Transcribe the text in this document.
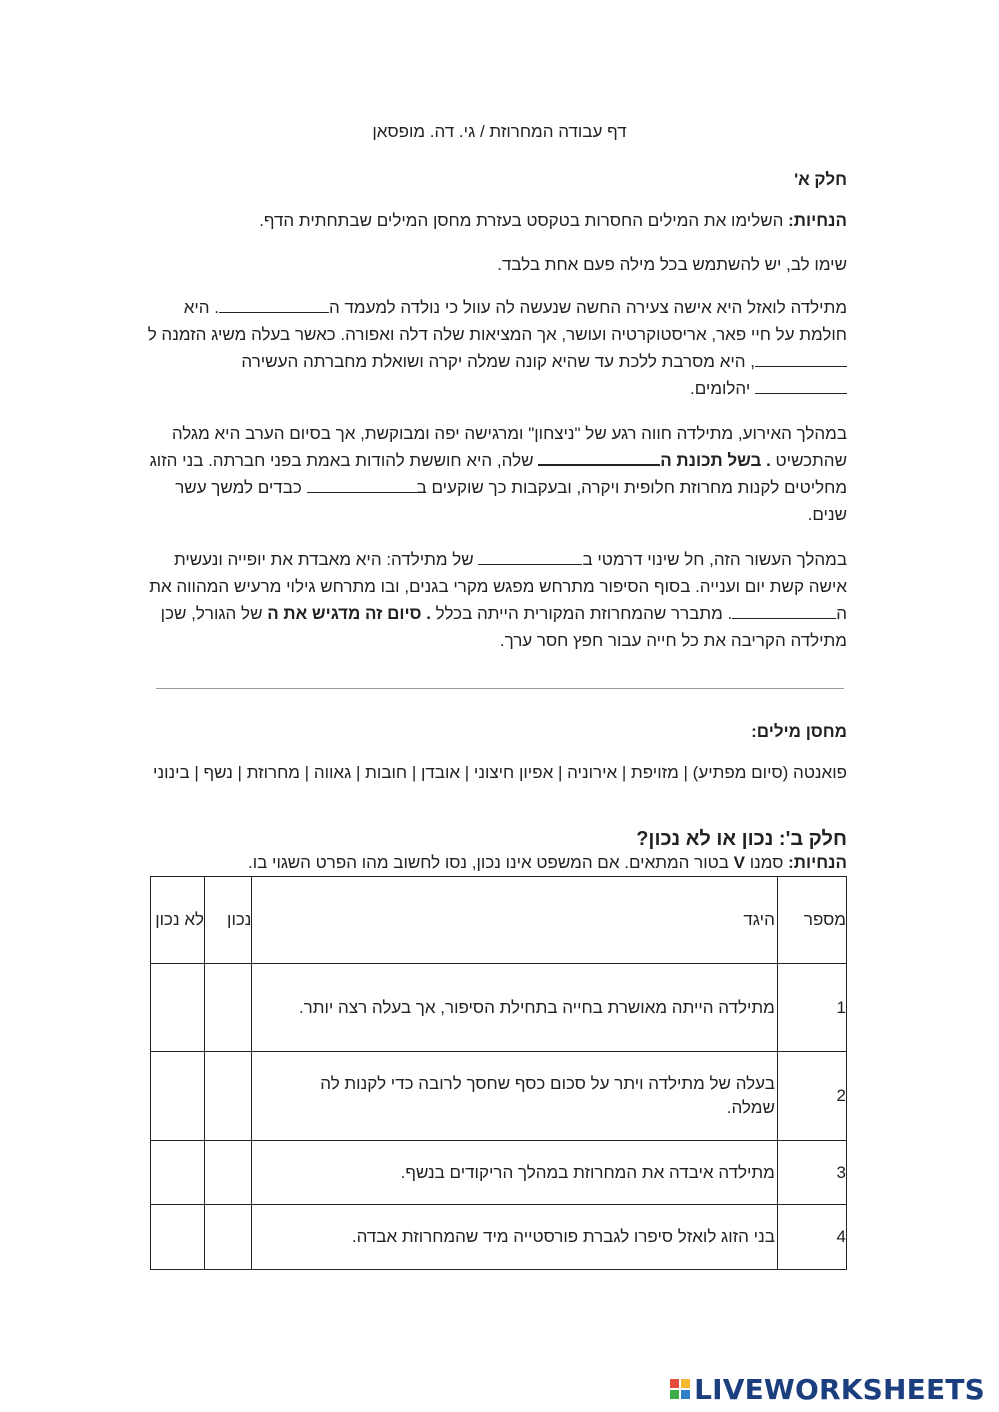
דף עבודה המחרוזת / גי. דה. מופסאן
חלק א'
הנחיות: השלימו את המילים החסרות בטקסט בעזרת מחסן המילים שבתחתית הדף.
שימו לב, יש להשתמש בכל מילה פעם אחת בלבד.
מתילדה לואזל היא אישה צעירה החשה שנעשה לה עוול כי נולדה למעמד ה. היא חולמת על חיי פאר, אריסטוקרטיה ועושר, אך המציאות שלה דלה ואפורה. כאשר בעלה משיג הזמנה ל, היא מסרבת ללכת עד שהיא קונה שמלה יקרה ושואלת מחברתה העשירה  יהלומים.
במהלך האירוע, מתילדה חווה רגע של "ניצחון" ומרגישה יפה ומבוקשת, אך בסיום הערב היא מגלה שהתכשיט . בשל תכונת ה שלה, היא חוששת להודות באמת בפני חברתה. בני הזוג מחליטים לקנות מחרוזת חלופית ויקרה, ובעקבות כך שוקעים ב כבדים למשך עשר שנים.
במהלך העשור הזה, חל שינוי דרמטי ב של מתילדה: היא מאבדת את יופייה ונעשית אישה קשת יום וענייה. בסוף הסיפור מתרחש מפגש מקרי בגנים, ובו מתרחש גילוי מרעיש המהווה את ה. מתברר שהמחרוזת המקורית הייתה בכלל . סיום זה מדגיש את ה של הגורל, שכן מתילדה הקריבה את כל חייה עבור חפץ חסר ערך.
מחסן מילים:
פואנטה (סיום מפתיע) | מזויפת | אירוניה | אפיון חיצוני | אובדן | חובות | גאווה | מחרוזת | נשף | בינוני
חלק ב': נכון או לא נכון?
הנחיות: סמנו V בטור המתאים. אם המשפט אינו נכון, נסו לחשוב מהו הפרט השגוי בו.
מספר	היגד	נכון	לא נכון
1	מתילדה הייתה מאושרת בחייה בתחילת הסיפור, אך בעלה רצה יותר.		
2	בעלה של מתילדה ויתר על סכום כסף שחסך לרובה כדי לקנות לה שמלה.		
3	מתילדה איבדה את המחרוזת במהלך הריקודים בנשף.		
4	בני הזוג לואזל סיפרו לגברת פורסטייה מיד שהמחרוזת אבדה.		
LIVEWORKSHEETS
